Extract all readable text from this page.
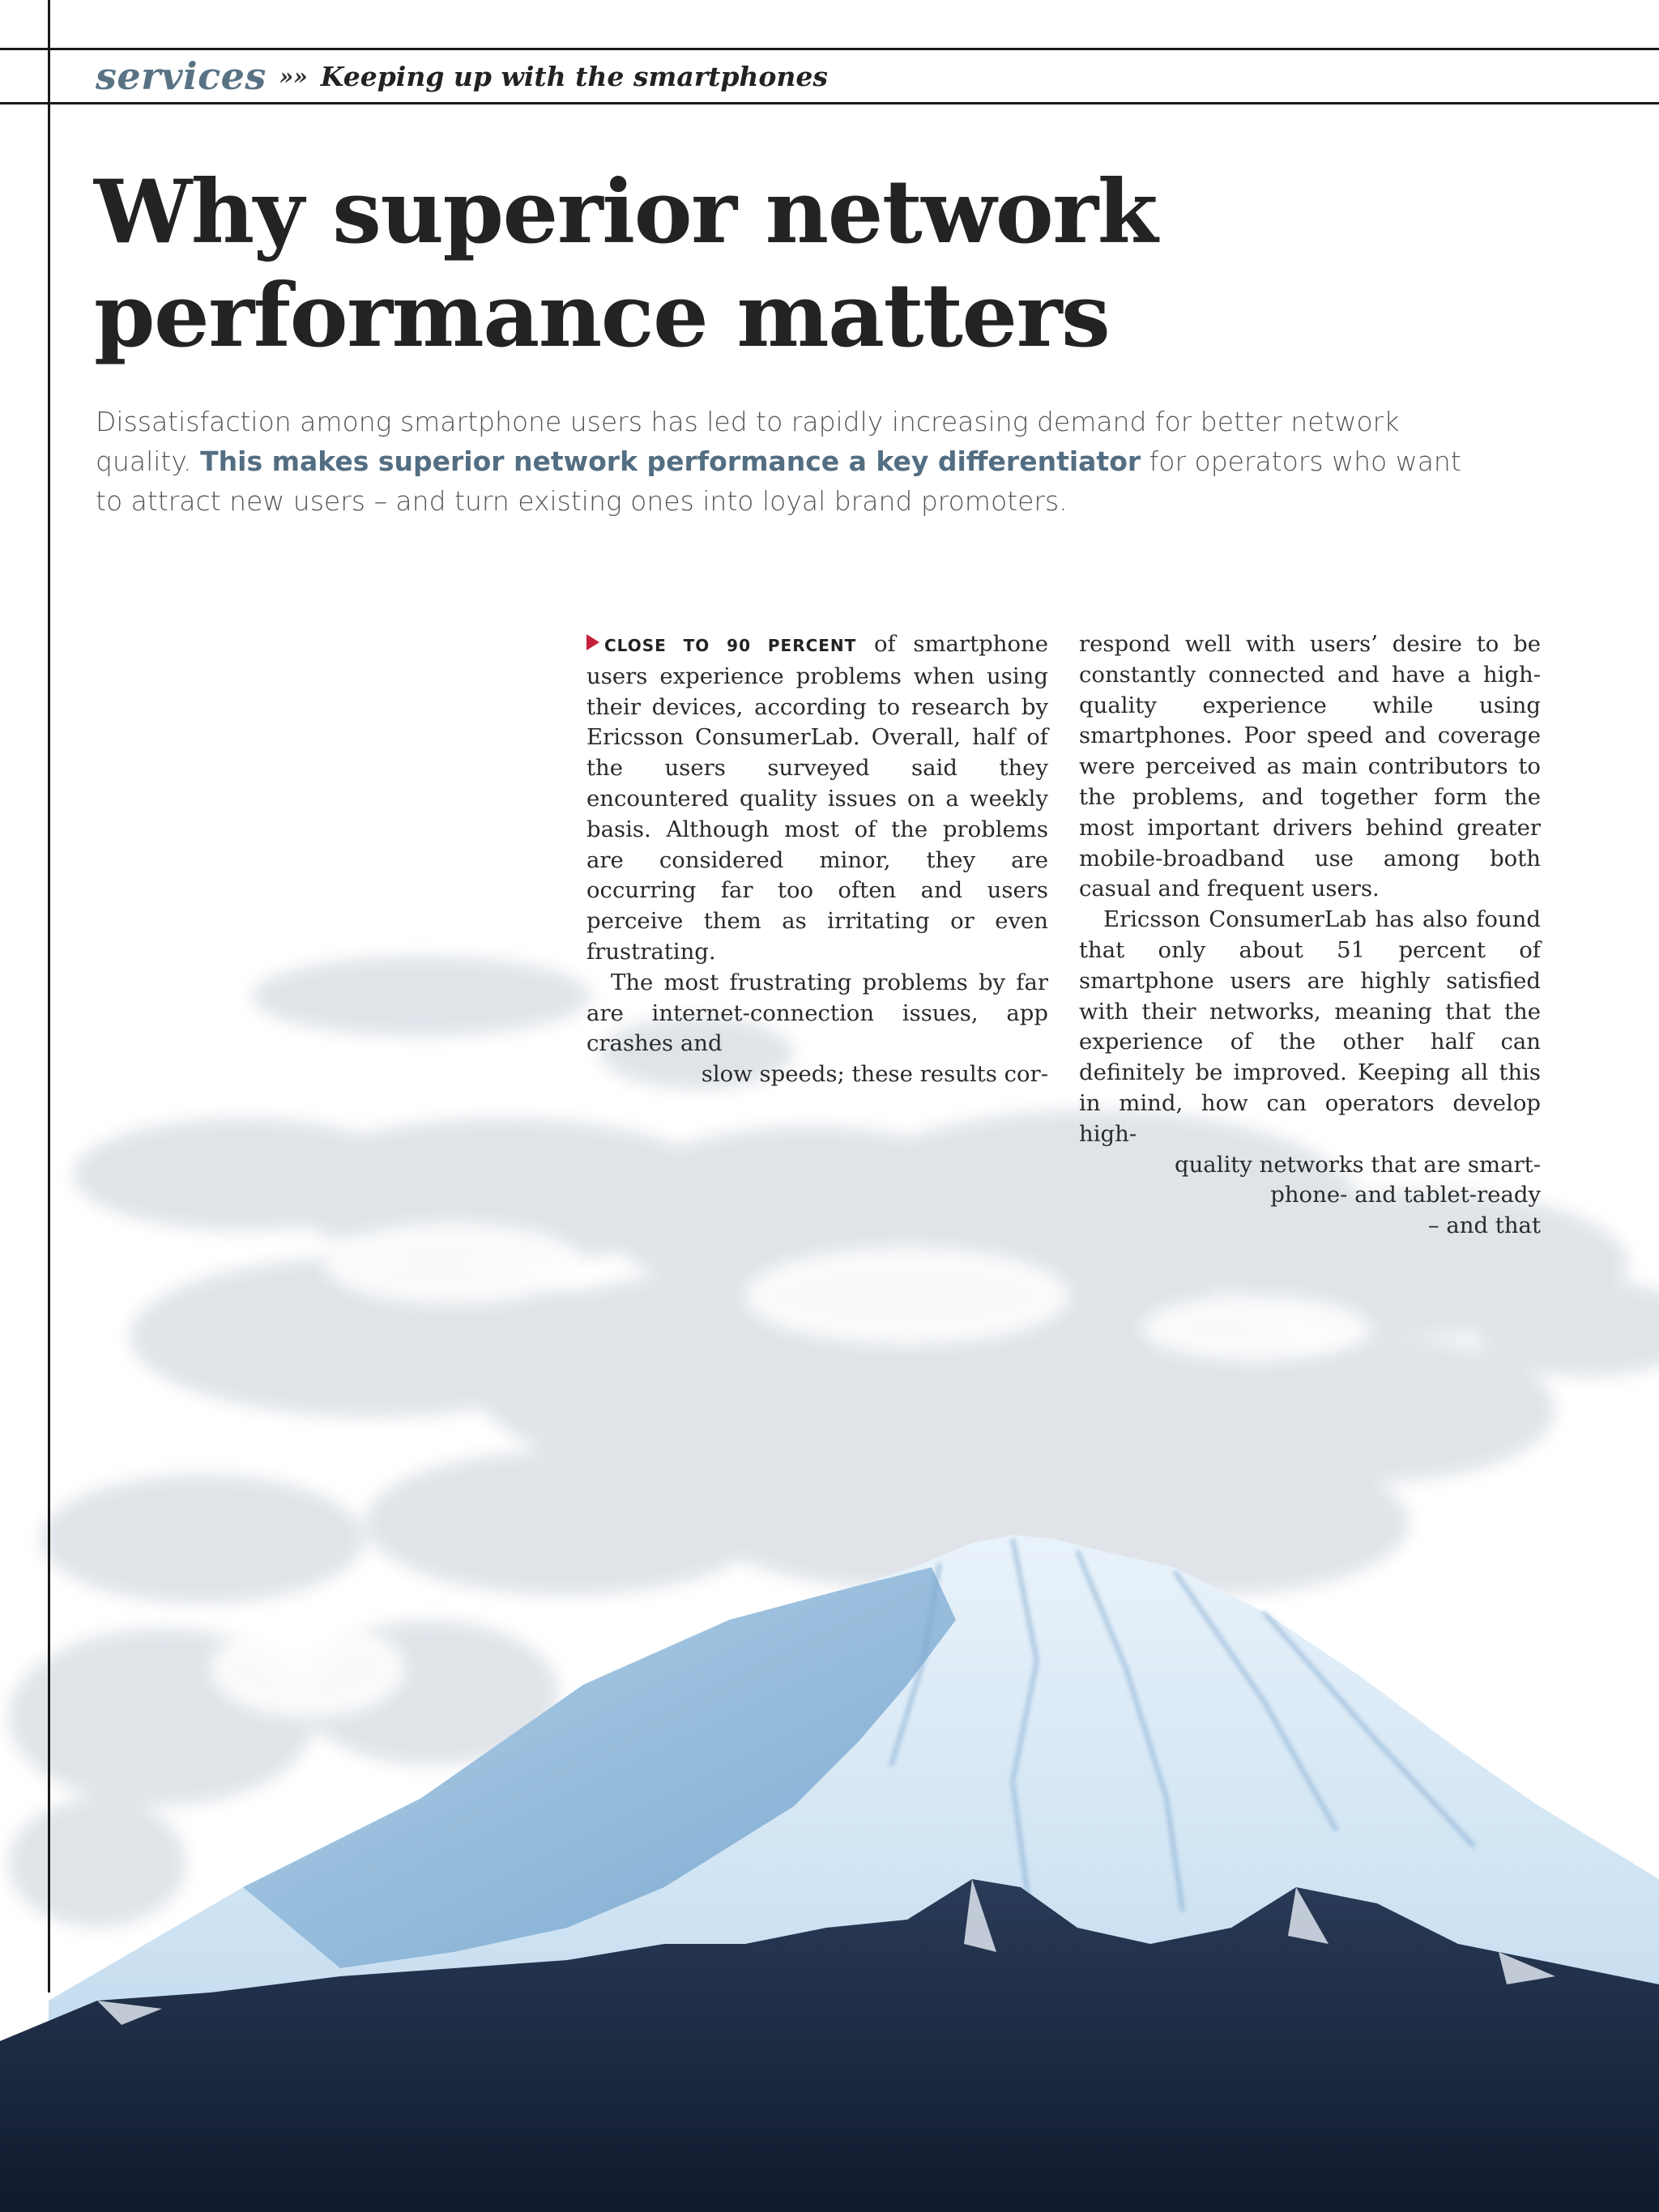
services »» Keeping up with the smartphones
Why superior network
performance matters

Dissatisfaction among smartphone users has led to rapidly increasing demand for better network quality. This makes superior network performance a key differentiator for operators who want to attract new users – and turn existing ones into loyal brand promoters.

CLOSE TO 90 PERCENT of smartphone users experience problems when using their devices, according to research by Ericsson ConsumerLab. Overall, half of the users surveyed said they encountered quality issues on a weekly basis. Although most of the problems are considered minor, they are occurring far too often and users perceive them as irritating or even frustrating.

The most frustrating problems by far are internet-connection issues, app crashes and
slow speeds; these results cor-

respond well with users’ desire to be constantly connected and have a high-quality experience while using smartphones. Poor speed and coverage were perceived as main contributors to the problems, and together form the most important drivers behind greater mobile-broadband use among both casual and frequent users.

Ericsson ConsumerLab has also found that only about 51 percent of smartphone users are highly satisfied with their networks, meaning that the experience of the other half can definitely be improved. Keeping all this in mind, how can operators develop high-
quality networks that are smart-
phone- and tablet-ready
– and that
